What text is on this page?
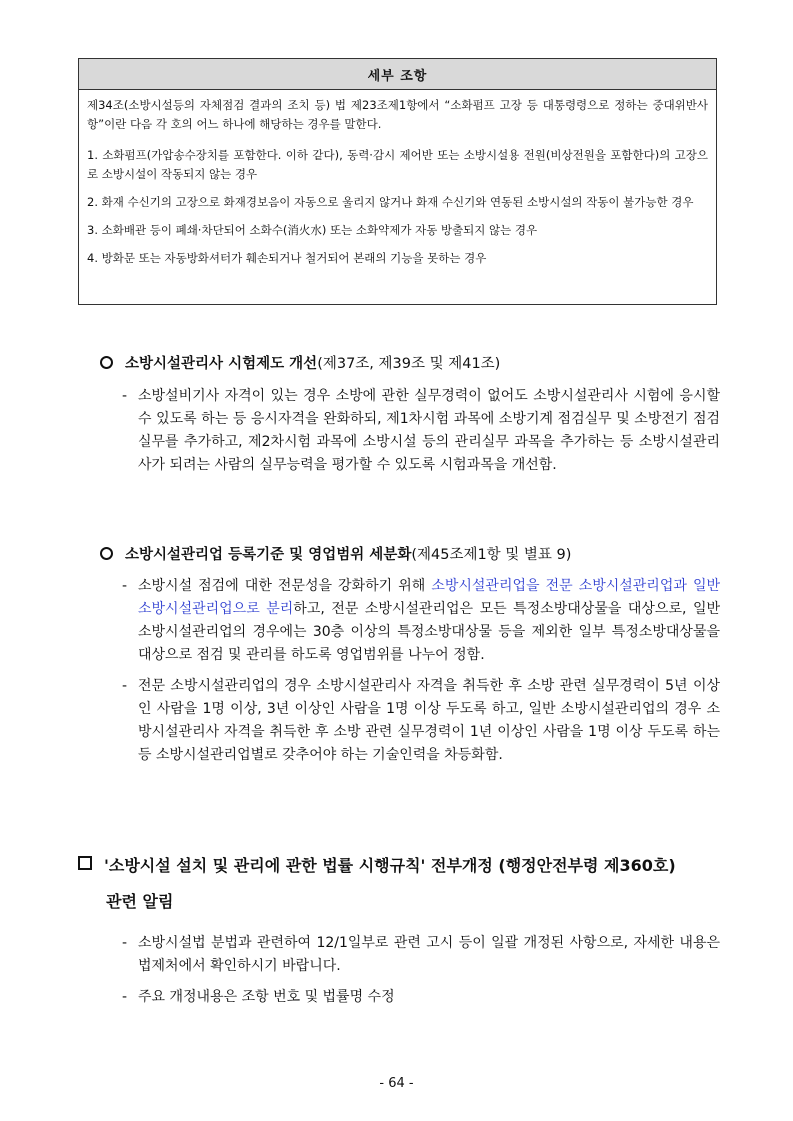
세부 조항

제34조(소방시설등의 자체점검 결과의 조치 등) 법 제23조제1항에서 “소화펌프 고장 등 대통령령으로 정하는 중대위반사항”이란 다음 각 호의 어느 하나에 해당하는 경우를 말한다.

1. 소화펌프(가압송수장치를 포함한다. 이하 같다), 동력·감시 제어반 또는 소방시설용 전원(비상전원을 포함한다)의 고장으로 소방시설이 작동되지 않는 경우

2. 화재 수신기의 고장으로 화재경보음이 자동으로 울리지 않거나 화재 수신기와 연동된 소방시설의 작동이 불가능한 경우

3. 소화배관 등이 폐쇄·차단되어 소화수(消火水) 또는 소화약제가 자동 방출되지 않는 경우

4. 방화문 또는 자동방화셔터가 훼손되거나 철거되어 본래의 기능을 못하는 경우

소방시설관리사 시험제도 개선(제37조, 제39조 및 제41조)
- 소방설비기사 자격이 있는 경우 소방에 관한 실무경력이 없어도 소방시설관리사 시험에 응시할 수 있도록 하는 등 응시자격을 완화하되, 제1차시험 과목에 소방기계 점검실무 및 소방전기 점검실무를 추가하고, 제2차시험 과목에 소방시설 등의 관리실무 과목을 추가하는 등 소방시설관리사가 되려는 사람의 실무능력을 평가할 수 있도록 시험과목을 개선함.
소방시설관리업 등록기준 및 영업범위 세분화(제45조제1항 및 별표 9)
- 소방시설 점검에 대한 전문성을 강화하기 위해 소방시설관리업을 전문 소방시설관리업과 일반 소방시설관리업으로 분리하고, 전문 소방시설관리업은 모든 특정소방대상물을 대상으로, 일반 소방시설관리업의 경우에는 30층 이상의 특정소방대상물 등을 제외한 일부 특정소방대상물을 대상으로 점검 및 관리를 하도록 영업범위를 나누어 정함.
- 전문 소방시설관리업의 경우 소방시설관리사 자격을 취득한 후 소방 관련 실무경력이 5년 이상인 사람을 1명 이상, 3년 이상인 사람을 1명 이상 두도록 하고, 일반 소방시설관리업의 경우 소방시설관리사 자격을 취득한 후 소방 관련 실무경력이 1년 이상인 사람을 1명 이상 두도록 하는 등 소방시설관리업별로 갖추어야 하는 기술인력을 차등화함.
'소방시설 설치 및 관리에 관한 법률 시행규칙' 전부개정 (행정안전부령 제360호)
관련 알림
- 소방시설법 분법과 관련하여 12/1일부로 관련 고시 등이 일괄 개정된 사항으로, 자세한 내용은 법제처에서 확인하시기 바랍니다.
- 주요 개정내용은 조항 번호 및 법률명 수정
- 64 -
